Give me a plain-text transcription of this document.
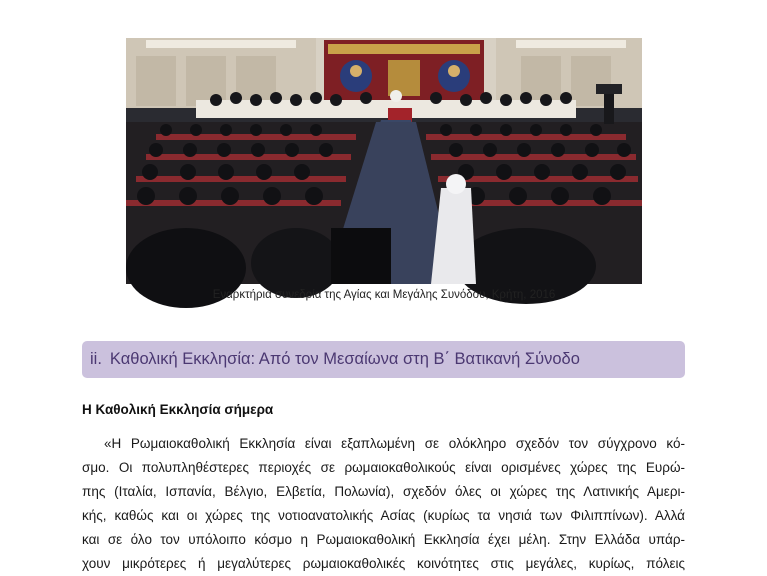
Εναρκτήρια συνεδρία της Αγίας και Μεγάλης Συνόδου, Κρήτη, 2016
ii. Καθολική Εκκλησία: Από τον Μεσαίωνα στη Β΄ Βατικανή Σύνοδο
Η Καθολική Εκκλησία σήμερα
«Η Ρωμαιοκαθολική Εκκλησία είναι εξαπλωμένη σε ολόκληρο σχεδόν τον σύγχρονο κό-
σμο. Οι πολυπληθέστερες περιοχές σε ρωμαιοκαθολικούς είναι ορισμένες χώρες της Ευρώ-
πης (Ιταλία, Ισπανία, Βέλγιο, Ελβετία, Πολωνία), σχεδόν όλες οι χώρες της Λατινικής Αμερι-
κής, καθώς και οι χώρες της νοτιοανατολικής Ασίας (κυρίως τα νησιά των Φιλιππίνων). Αλλά
και σε όλο τον υπόλοιπο κόσμο η Ρωμαιοκαθολική Εκκλησία έχει μέλη. Στην Ελλάδα υπάρ-
χουν μικρότερες ή μεγαλύτερες ρωμαιοκαθολικές κοινότητες στις μεγάλες, κυρίως, πόλεις
